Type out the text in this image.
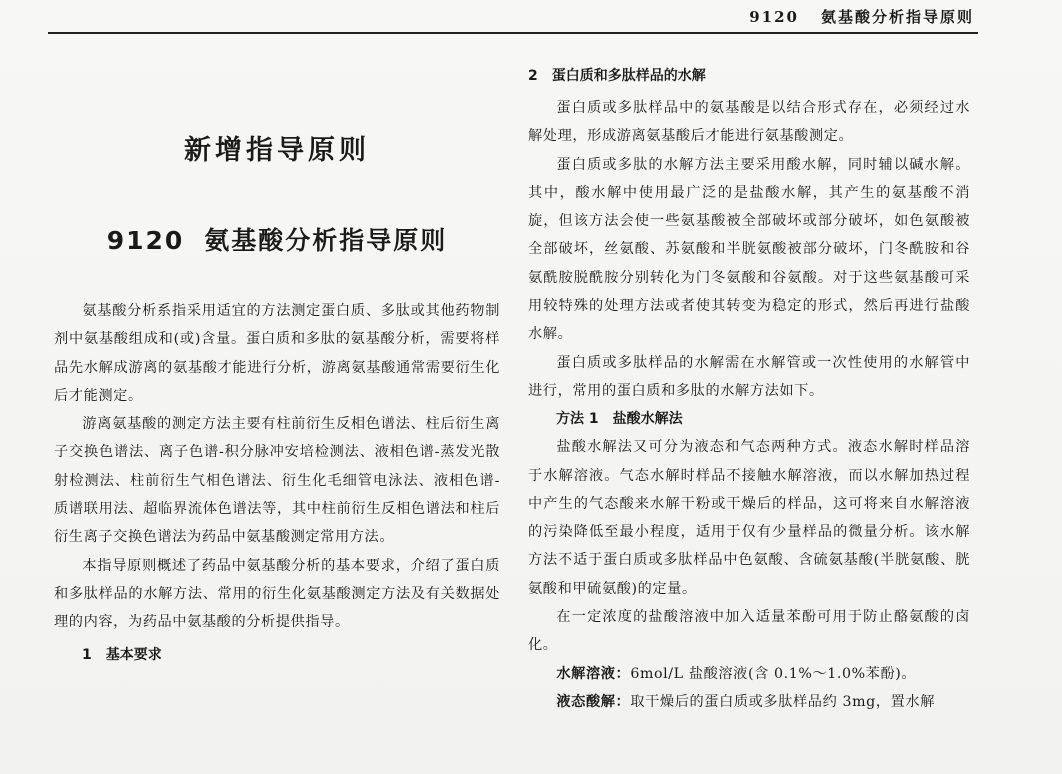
9120 氨基酸分析指导原则
新增指导原则
9120 氨基酸分析指导原则

氨基酸分析系指采用适宜的方法测定蛋白质、多肽或其他药物制剂中氨基酸组成和(或)含量。蛋白质和多肽的氨基酸分析，需要将样品先水解成游离的氨基酸才能进行分析，游离氨基酸通常需要衍生化后才能测定。

游离氨基酸的测定方法主要有柱前衍生反相色谱法、柱后衍生离子交换色谱法、离子色谱-积分脉冲安培检测法、液相色谱-蒸发光散射检测法、柱前衍生气相色谱法、衍生化毛细管电泳法、液相色谱-质谱联用法、超临界流体色谱法等，其中柱前衍生反相色谱法和柱后衍生离子交换色谱法为药品中氨基酸测定常用方法。

本指导原则概述了药品中氨基酸分析的基本要求，介绍了蛋白质和多肽样品的水解方法、常用的衍生化氨基酸测定方法及有关数据处理的内容，为药品中氨基酸的分析提供指导。

1 基本要求

2 蛋白质和多肽样品的水解

蛋白质或多肽样品中的氨基酸是以结合形式存在，必须经过水解处理，形成游离氨基酸后才能进行氨基酸测定。

蛋白质或多肽的水解方法主要采用酸水解，同时辅以碱水解。其中，酸水解中使用最广泛的是盐酸水解，其产生的氨基酸不消旋，但该方法会使一些氨基酸被全部破坏或部分破坏，如色氨酸被全部破坏，丝氨酸、苏氨酸和半胱氨酸被部分破坏，门冬酰胺和谷氨酰胺脱酰胺分别转化为门冬氨酸和谷氨酸。对于这些氨基酸可采用较特殊的处理方法或者使其转变为稳定的形式，然后再进行盐酸水解。

蛋白质或多肽样品的水解需在水解管或一次性使用的水解管中进行，常用的蛋白质和多肽的水解方法如下。

方法 1 盐酸水解法

盐酸水解法又可分为液态和气态两种方式。液态水解时样品溶于水解溶液。气态水解时样品不接触水解溶液，而以水解加热过程中产生的气态酸来水解干粉或干燥后的样品，这可将来自水解溶液的污染降低至最小程度，适用于仅有少量样品的微量分析。该水解方法不适于蛋白质或多肽样品中色氨酸、含硫氨基酸(半胱氨酸、胱氨酸和甲硫氨酸)的定量。

在一定浓度的盐酸溶液中加入适量苯酚可用于防止酪氨酸的卤化。

水解溶液：6mol/L 盐酸溶液(含 0.1%～1.0%苯酚)。

液态酸解：取干燥后的蛋白质或多肽样品约 3mg，置水解
